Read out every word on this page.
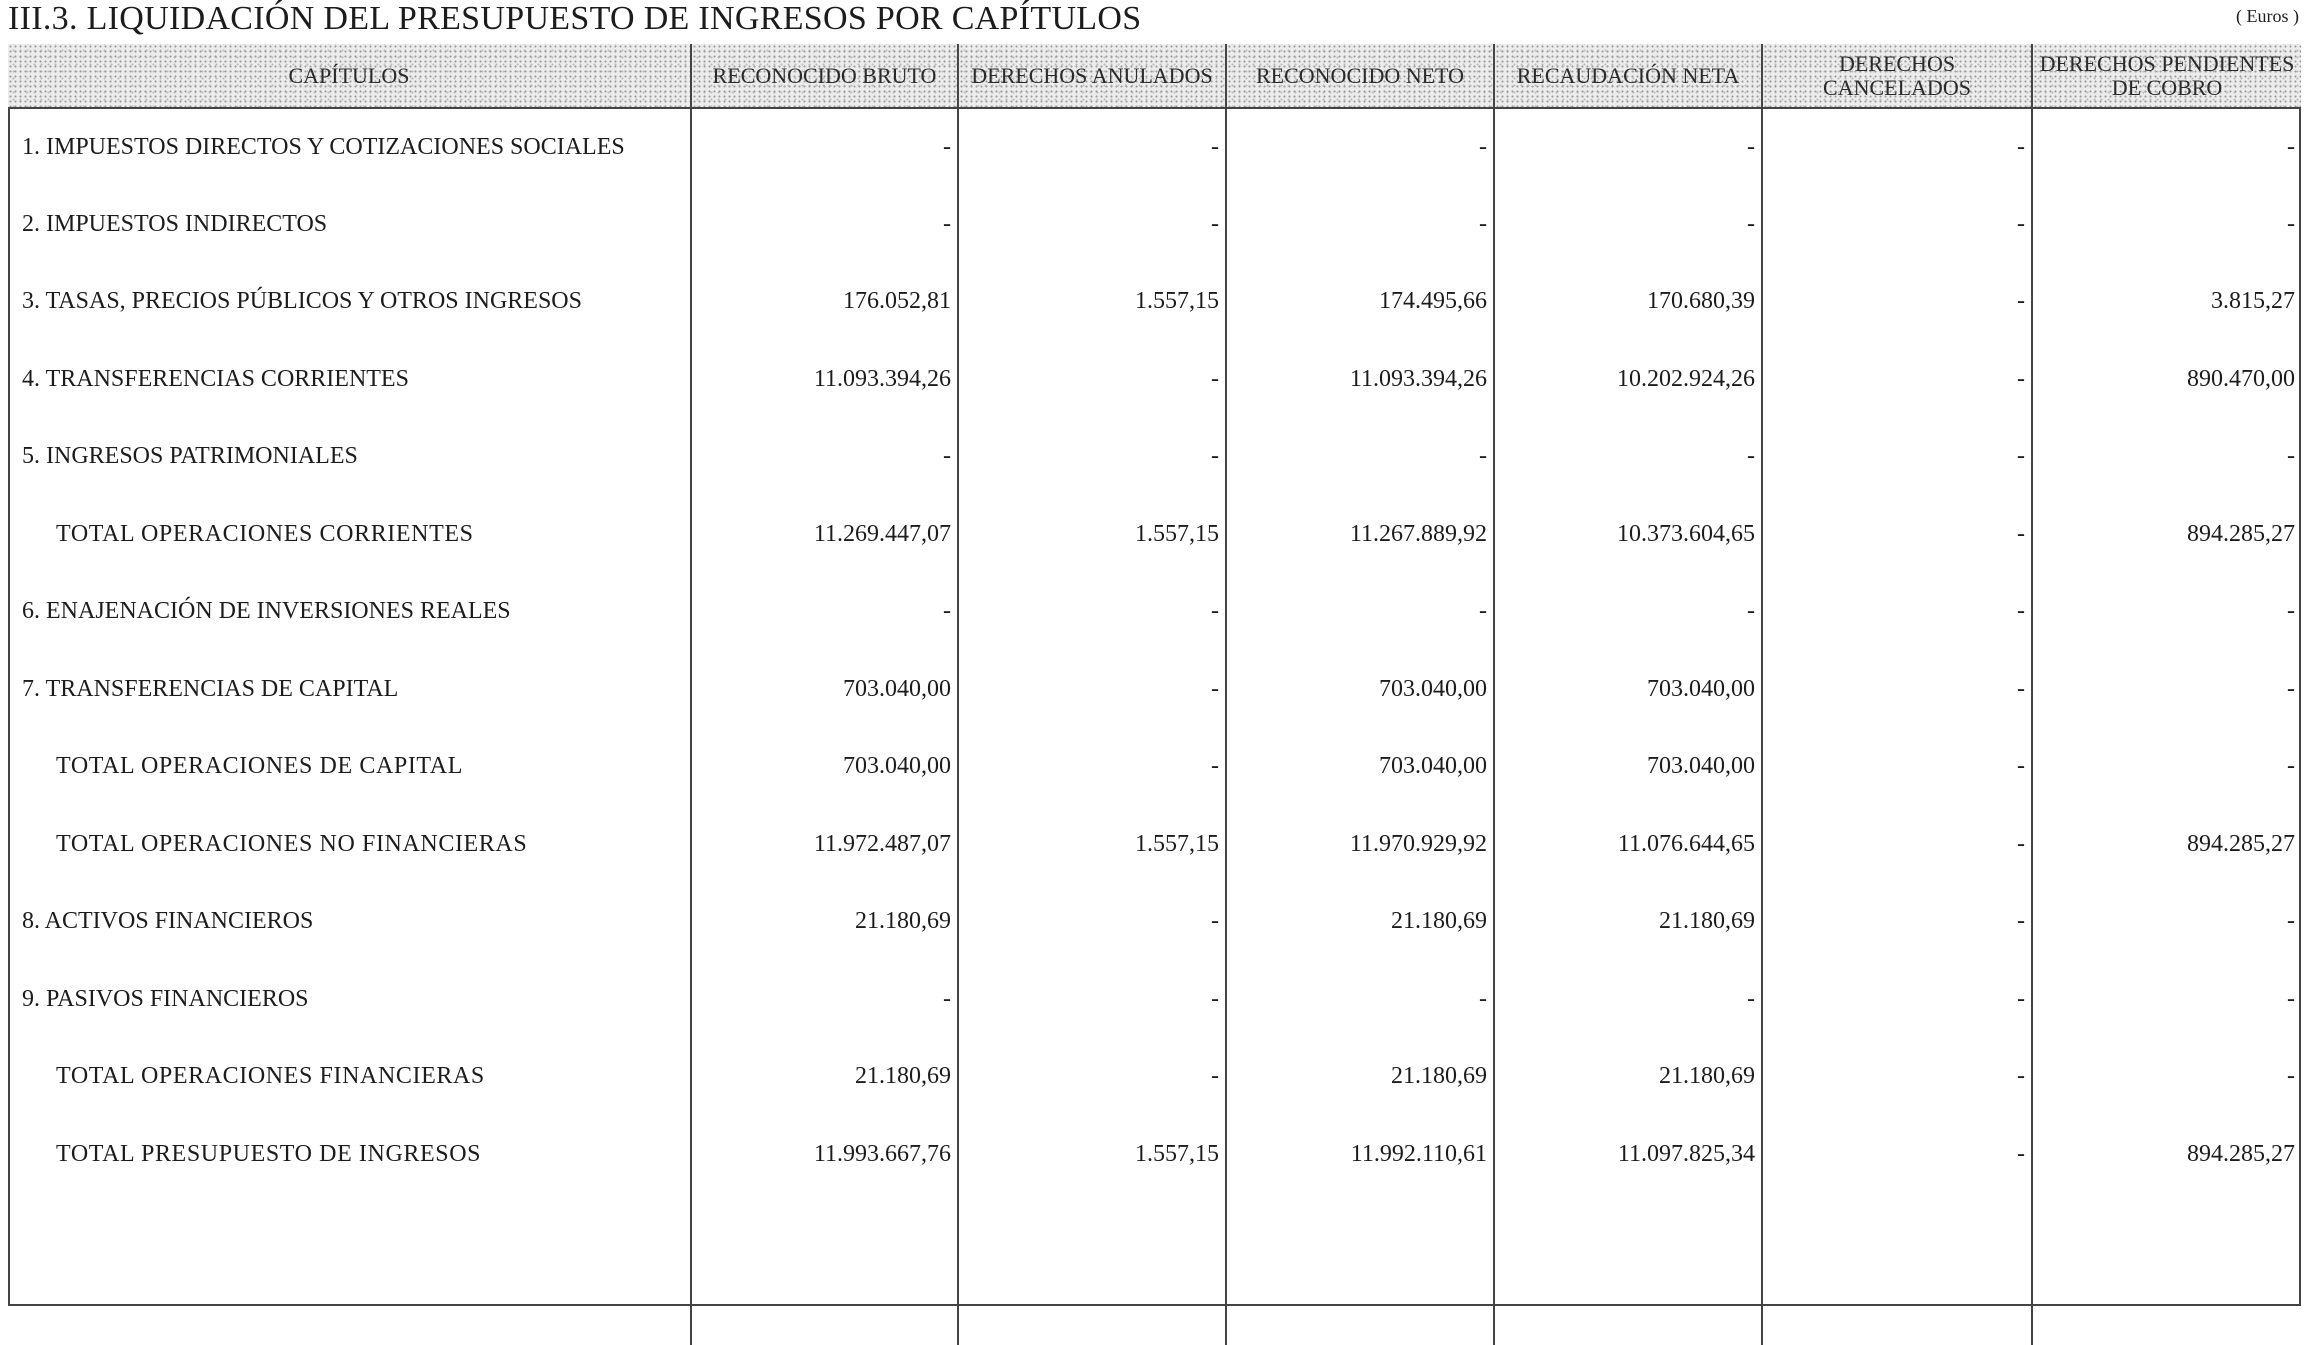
III.3. LIQUIDACIÓN DEL PRESUPUESTO DE INGRESOS POR CAPÍTULOS	( Euros )
CAPÍTULOS	RECONOCIDO BRUTO	DERECHOS ANULADOS	RECONOCIDO NETO	RECAUDACIÓN NETA	DERECHOS CANCELADOS	DERECHOS PENDIENTES DE COBRO
1. IMPUESTOS DIRECTOS Y COTIZACIONES SOCIALES	-	-	-	-	-	-
2. IMPUESTOS INDIRECTOS	-	-	-	-	-	-
3. TASAS, PRECIOS PÚBLICOS Y OTROS INGRESOS	176.052,81	1.557,15	174.495,66	170.680,39	-	3.815,27
4. TRANSFERENCIAS CORRIENTES	11.093.394,26	-	11.093.394,26	10.202.924,26	-	890.470,00
5. INGRESOS PATRIMONIALES	-	-	-	-	-	-
TOTAL OPERACIONES CORRIENTES	11.269.447,07	1.557,15	11.267.889,92	10.373.604,65	-	894.285,27
6. ENAJENACIÓN DE INVERSIONES REALES	-	-	-	-	-	-
7. TRANSFERENCIAS DE CAPITAL	703.040,00	-	703.040,00	703.040,00	-	-
TOTAL OPERACIONES DE CAPITAL	703.040,00	-	703.040,00	703.040,00	-	-
TOTAL OPERACIONES NO FINANCIERAS	11.972.487,07	1.557,15	11.970.929,92	11.076.644,65	-	894.285,27
8. ACTIVOS FINANCIEROS	21.180,69	-	21.180,69	21.180,69	-	-
9. PASIVOS FINANCIEROS	-	-	-	-	-	-
TOTAL OPERACIONES FINANCIERAS	21.180,69	-	21.180,69	21.180,69	-	-
TOTAL PRESUPUESTO DE INGRESOS	11.993.667,76	1.557,15	11.992.110,61	11.097.825,34	-	894.285,27
